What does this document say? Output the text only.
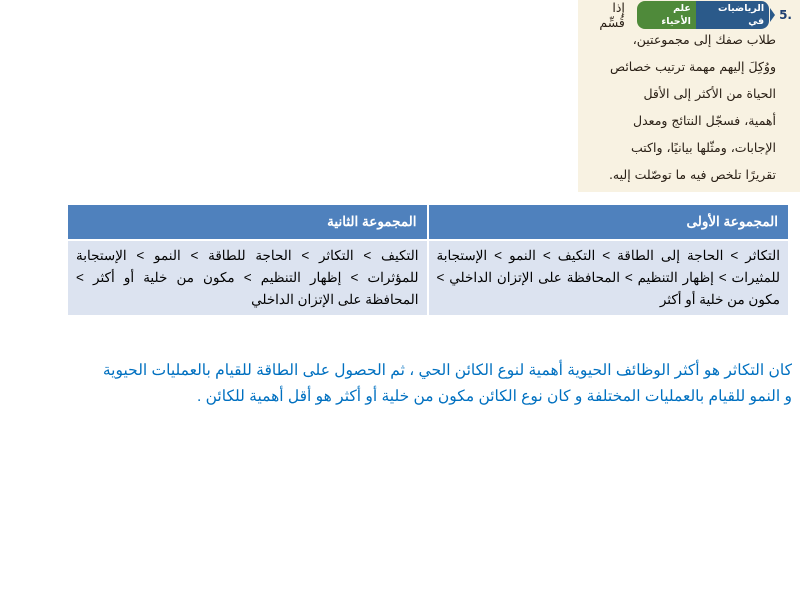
5.
الرياضيات في
علم الأحياء
إذا قُسِّم
طلاب صفك إلى مجموعتين،
ووُكِلَ إليهم مهمة ترتيب خصائص
الحياة من الأكثر إلى الأقل
أهمية، فسجّل النتائج ومعدل
الإجابات، ومثّلها بيانيًا، واكتب
تقريرًا تلخص فيه ما توصّلت إليه.
المجموعة الأولى	المجموعة الثانية
التكاثر > الحاجة إلى الطاقة > التكيف > النمو > الإستجابة للمثيرات > إظهار التنظيم > المحافظة على الإتزان الداخلي > مكون من خلية أو أكثر	التكيف > التكاثر > الحاجة للطاقة > النمو > الإستجابة للمؤثرات > إظهار التنظيم > مكون من خلية أو أكثر > المحافظة على الإتزان الداخلي
كان التكاثر هو أكثر الوظائف الحيوية أهمية لنوع الكائن الحي ، ثم الحصول على الطاقة للقيام بالعمليات الحيوية
و النمو للقيام بالعمليات المختلفة و كان نوع الكائن مكون من خلية أو أكثر هو أقل أهمية للكائن .
